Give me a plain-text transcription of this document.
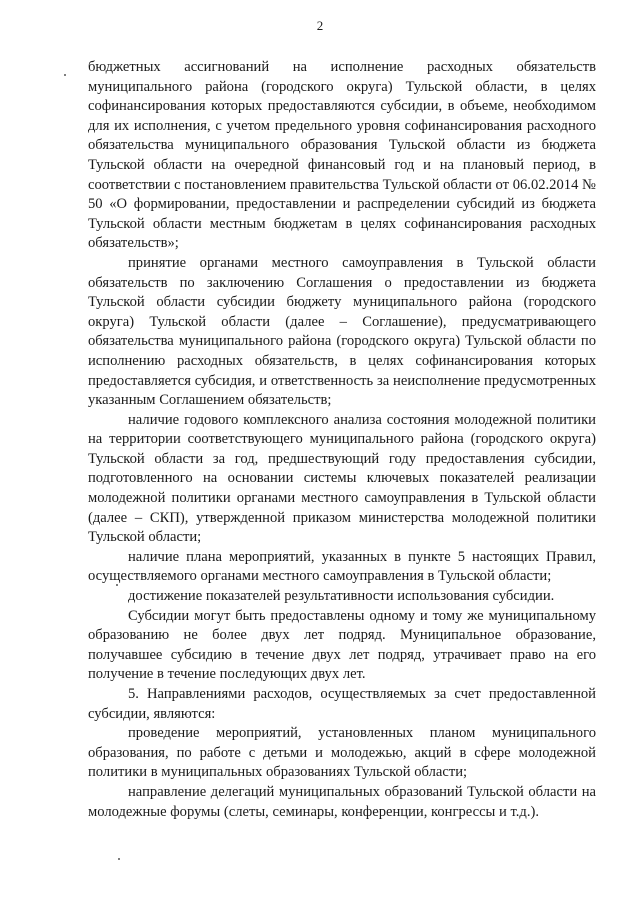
2

бюджетных ассигнований на исполнение расходных обязательств муниципального района (городского округа) Тульской области, в целях софинансирования которых предоставляются субсидии, в объеме, необходимом для их исполнения, с учетом предельного уровня софинансирования расходного обязательства муниципального образования Тульской области из бюджета Тульской области на очередной финансовый год и на плановый период, в соответствии с постановлением правительства Тульской области от 06.02.2014 № 50 «О формировании, предоставлении и распределении субсидий из бюджета Тульской области местным бюджетам в целях софинансирования расходных обязательств»;

принятие органами местного самоуправления в Тульской области обязательств по заключению Соглашения о предоставлении из бюджета Тульской области субсидии бюджету муниципального района (городского округа) Тульской области (далее – Соглашение), предусматривающего обязательства муниципального района (городского округа) Тульской области по исполнению расходных обязательств, в целях софинансирования которых предоставляется субсидия, и ответственность за неисполнение предусмотренных указанным Соглашением обязательств;

наличие годового комплексного анализа состояния молодежной политики на территории соответствующего муниципального района (городского округа) Тульской области за год, предшествующий году предоставления субсидии, подготовленного на основании системы ключевых показателей реализации молодежной политики органами местного самоуправления в Тульской области (далее – СКП), утвержденной приказом министерства молодежной политики Тульской области;

наличие плана мероприятий, указанных в пункте 5 настоящих Правил, осуществляемого органами местного самоуправления в Тульской области;

достижение показателей результативности использования субсидии.

Субсидии могут быть предоставлены одному и тому же муниципальному образованию не более двух лет подряд. Муниципальное образование, получавшее субсидию в течение двух лет подряд, утрачивает право на его получение в течение последующих двух лет.

5. Направлениями расходов, осуществляемых за счет предоставленной субсидии, являются:

проведение мероприятий, установленных планом муниципального образования, по работе с детьми и молодежью, акций в сфере молодежной политики в муниципальных образованиях Тульской области;

направление делегаций муниципальных образований Тульской области на молодежные форумы (слеты, семинары, конференции, конгрессы и т.д.).
